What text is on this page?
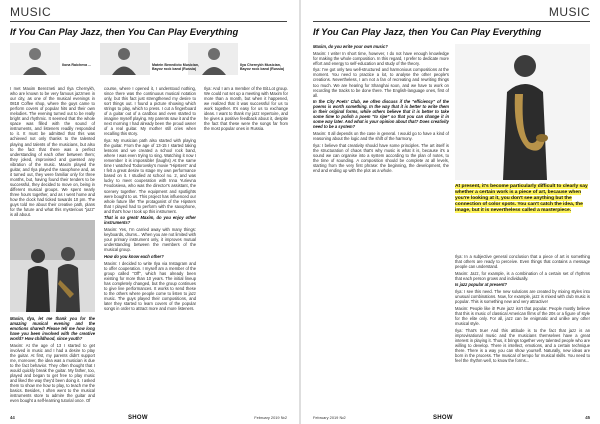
MUSIC
If You Can Play Jazz, then You Can Play Everything
Ilona Raicheva ...	Matein Benedicto Musician, Bayov rock band (Russia)
Ilya Chernykh Musician, Bayov rock band (Russia)

I met Maxim Berezneti and Ilya Chernykh, who are known to be very famous jazzmen in our city, as one of the musical evenings in 0818 Coffee shop, where the guys came to perform covers of popular hits and their own melodies. The evening turned out to be really bright and rhythmic. It seemed that the whole space was filled with the sound of instruments, and listeners readily responded to it. It must be admitted that this was achieved not only thanks to the talented playing and talents of the musicians, but also to the fact that there was a perfect understanding of each other between them; they joked, improvised and guessed any vibration of the music. Maxim played the guitar, and Ilya played the saxophone and, as it turned out, they were familiar only for three months, but, having found their tenders to be successful, they decided to move on, being in different musical groups. We spent nearly three hours together, and as I went home and how the clock had ticked towards 10 pm. The guys told me about their creative path, plans for the future and what this mysterious "jazz" is all about.

Maxim, Ilya, let me thank you for the amazing musical evening and the emotions shared! Please tell me how long have you been involved with the creative world? How childhood, since youth?

Maxim: At the age of 13 I started to get involved in music and I had a desire to play the guitar. At first, my parents didn't support me, moreover, the idea was a musician is due to the fact behavior. They often thought that I would quickly break the guitar. My father, too, played and began to get free to play music and liked the way they'd been doing it. I asked them to show me how to play, to teach me the basics. Besides, I often went to the musical instruments store to admire the guitar and even bought a self-learning tutorial once. Of

course, where I opened it, I understood nothing, since there was the continuous musical notation only, but this fact just strengthened my desire to sort things out. I found a picture showing which strings to play, which to press. I cut a fingerboard of a guitar out of a cardbox and even started to imagine myself playing. My parents saw it and the next morning I had already been the proud owner of a real guitar. My mother still cries when recalling this story.

Ilya: My musician path also started with playing the guitar. From the age of 13-15 I started taking lessons and we created a school rock band, where I was even trying to sing. Watching it now I remember it is impossible! (laughs) At the same time I watched Todorovsky's movie "Hipsters" and I felt a great desire to stage my own performance based on it. I studied at school no. 2, and was lucky to meet cooperation with Inna Yurievna Feodosieva, who was the director's assistant, the scenery together. The equipment and spotlights were bought to us. This project has influenced our whole future life! The protagonist of the Hipsters that I played had to perform with the saxophone, and that's how I took up this instrument.

That is so great! Maxim, do you enjoy other instruments?

Maxim: Yes, I'm carried away with many things: keyboards, drums... When you are not limited with your primary instrument only, it improves mutual understanding between the members of the musical group.

How do you know each other?

Maxim: I decided to write Ilya via Instagram and to offer cooperation. I myself am a member of the group called "Off", which has already been existing for more than 10 years. The initial lineup has completely changed, but the group continues to give live performances. It works to send these to the others where people come to listen to jazz music. The guys played their compositions, and later they started to learn covers of the popular songs in order to attract more and more listeners.

Ilya: And I am a member of the Bit.Lot group. We could not set up a meeting with Maxim for more than a month, but when it happened, we realized that it was successful for us to work together. It's easy for us to exchange ideas. I want to thank my jazz repertoire, and he gives a positive feedback about it, despite the fact that these were the songs far from the most popular ones in Russia.

44	SHOW	February 2019 №2
MUSIC
If You Can Play Jazz, then You Can Play Everything

Maxim, do you write your own music?

Maxim: I write! In short time, however, I do not have enough knowledge for making the whole composition. In this regard, I prefer to dedicate more effort and energy to self-education and study of the theory.

Ilya: I've got only two well-structured and harmonious compositions at the moment. You need to practice a lot, to analyse the other people's creations. Nevertheless, I am not a fan of recreating and rewriting things too much. We are hearing for Shanghai soon, and we have to work on recording the tracks to be done there. The English-language ones, first of all.

In the City Poets' Club, we often discuss if the "efficiency" of the poems is worth something. In the way that it is better to write them in their original forms, while others believe that it is better to take some time to polish a poem "to ripe" so that you can change it in some way later. And what is your opinion about that? Does creativity need to be a system?

Maxim: It all depends on the case in general. I would go to have a kind of reasoning about the logic and the shift of the harmony.

Ilya: I believe that creativity should have some principles. The art itself is the structuration of chaos that's why music is what it is, because it's a sound we can organise into a system according to the plan of notes, to the time of sounding. A composition should be complete at all levels, starting from the very first phrase: the beginning, the development, the end and ending up with the plot as a whole.

At present, it's become particularly difficult to clearly say whether a certain work is a piece of art, because when you're looking at it, you don't see anything but the connection of color spots. You can't catch the idea, the image, but it is nevertheless called a masterpiece.

Ilya: In a subjective general conclusion that a piece of art is something that others are ready to perceive. Even things that contains a message people can understand.

Maxim: Jazz, for example, is a combination of a certain set of rhythms that each person grows and individually.

Is jazz popular at present?

Ilya: I see this need. The new solutions are created by mixing styles into unusual combinations. Now, for example, jazz is mixed with club music is popular. This is something new and very attractive!

Maxim: People like it! Pure jazz isn't that popular. People mostly believe that this is music of classical American films of the 20s or a figure of style for the elite only. For all, jazz can be enigmatic and unlike any other musical style.

Ilya: That's true! And this attitude is to the fact that jazz is an improvisational music and the musicians themselves have a great interest in playing it. Thus, it brings together very talented people who are willing to develop. There is intellect, emotions, and a certain technique there. There is a way you can show yourself. Naturally, new ideas are born in the process. The musical of tempo for musical skills. You need to feel the rhythm well, to know the forms...

February 2019 №2	SHOW	45
